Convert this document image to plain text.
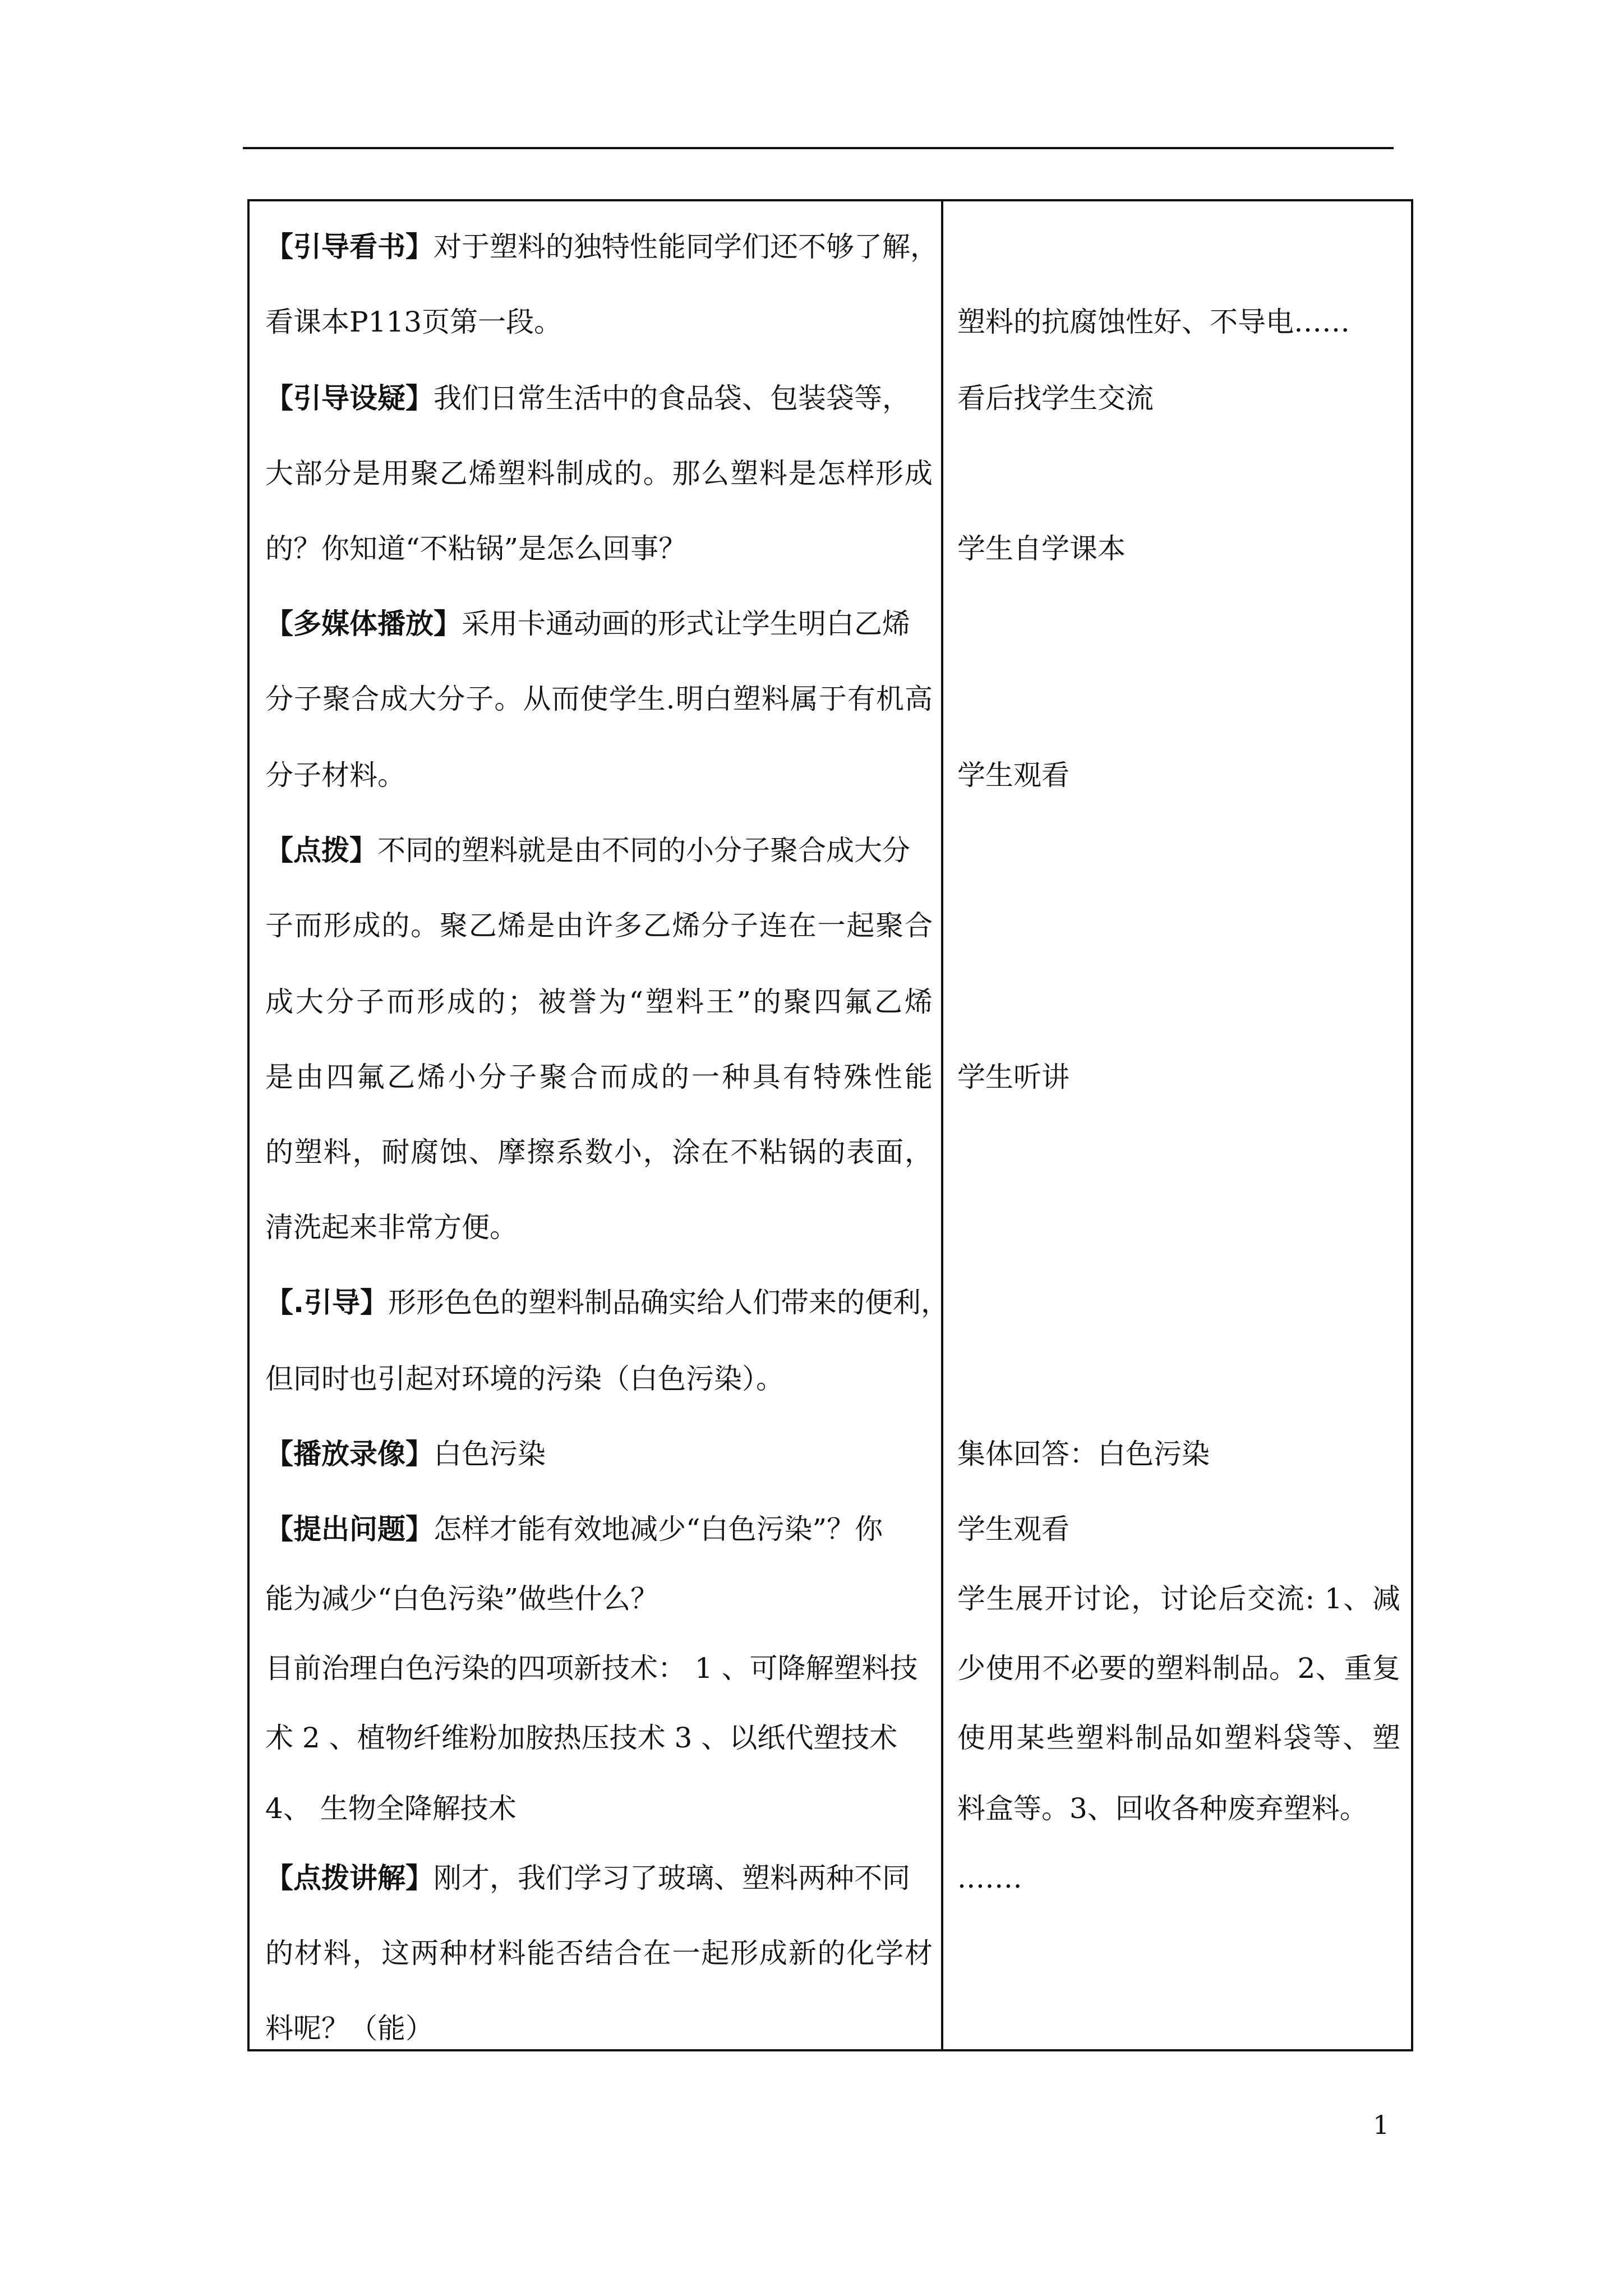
【引导看书】对于塑料的独特性能同学们还不够了解，
看课本P113页第一段。
【引导设疑】我们日常生活中的食品袋、包装袋等，
大部分是用聚乙烯塑料制成的。那么塑料是怎样形成
的？你知道“不粘锅”是怎么回事？
【多媒体播放】采用卡通动画的形式让学生明白乙烯
分子聚合成大分子。从而使学生.明白塑料属于有机高
分子材料。
【点拨】不同的塑料就是由不同的小分子聚合成大分
子而形成的。聚乙烯是由许多乙烯分子连在一起聚合
成大分子而形成的；被誉为“塑料王”的聚四氟乙烯
是由四氟乙烯小分子聚合而成的一种具有特殊性能
的塑料，耐腐蚀、摩擦系数小，涂在不粘锅的表面，
清洗起来非常方便。
【.引导】形形色色的塑料制品确实给人们带来的便利，
但同时也引起对环境的污染（白色污染）。
【播放录像】白色污染
【提出问题】怎样才能有效地减少“白色污染”？你
能为减少“白色污染”做些什么？
目前治理白色污染的四项新技术： 1 、可降解塑料技
术 2 、植物纤维粉加胺热压技术 3 、以纸代塑技术
4、 生物全降解技术
【点拨讲解】刚才，我们学习了玻璃、塑料两种不同
的材料，这两种材料能否结合在一起形成新的化学材
料呢？（能）
塑料的抗腐蚀性好、不导电……
看后找学生交流
学生自学课本
学生观看
学生听讲
集体回答：白色污染
学生观看
学生展开讨论，讨论后交流: 1、减
少使用不必要的塑料制品。2、重复
使用某些塑料制品如塑料袋等、塑
料盒等。3、回收各种废弃塑料。
.……
1
